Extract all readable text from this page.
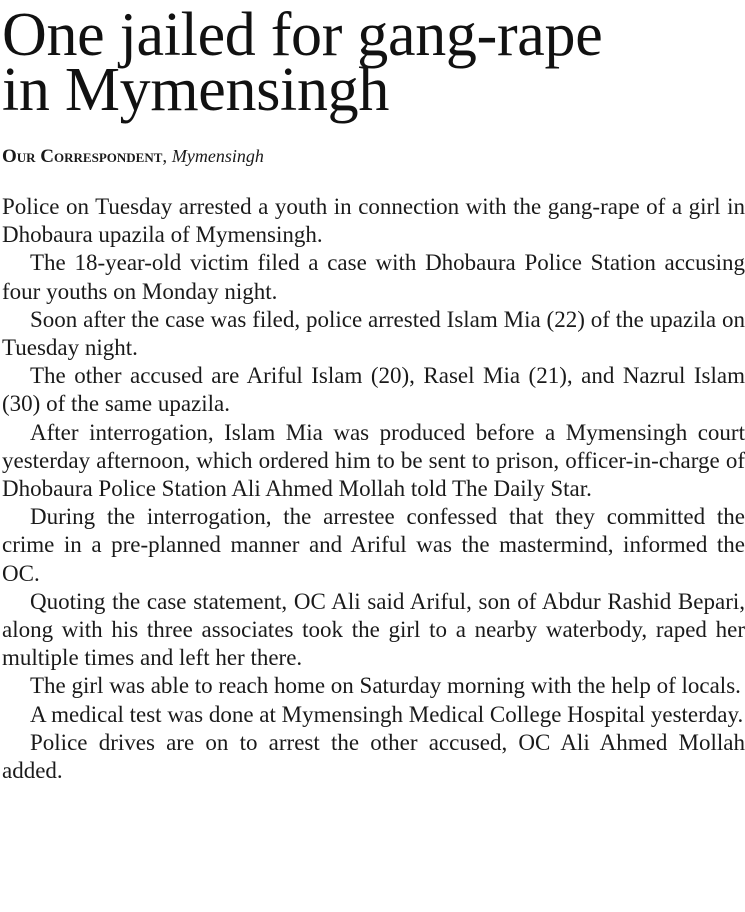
One jailed for gang-rape
in Mymensingh
Our Correspondent, Mymensingh

Police on Tuesday arrested a youth in connection with the gang-rape of a girl in Dhobaura upazila of Mymensingh.

The 18-year-old victim filed a case with Dhobaura Police Station accusing four youths on Monday night.

Soon after the case was filed, police arrested Islam Mia (22) of the upazila on Tuesday night.

The other accused are Ariful Islam (20), Rasel Mia (21), and Nazrul Islam (30) of the same upazila.

After interrogation, Islam Mia was produced before a Mymensingh court yesterday afternoon, which ordered him to be sent to prison, officer-in-charge of Dhobaura Police Station Ali Ahmed Mollah told The Daily Star.

During the interrogation, the arrestee confessed that they committed the crime in a pre-planned manner and Ariful was the mastermind, informed the OC.

Quoting the case statement, OC Ali said Ariful, son of Abdur Rashid Bepari, along with his three associates took the girl to a nearby waterbody, raped her multiple times and left her there.

The girl was able to reach home on Saturday morning with the help of locals.

A medical test was done at Mymensingh Medical College Hospital yesterday.

Police drives are on to arrest the other accused, OC Ali Ahmed Mollah added.
